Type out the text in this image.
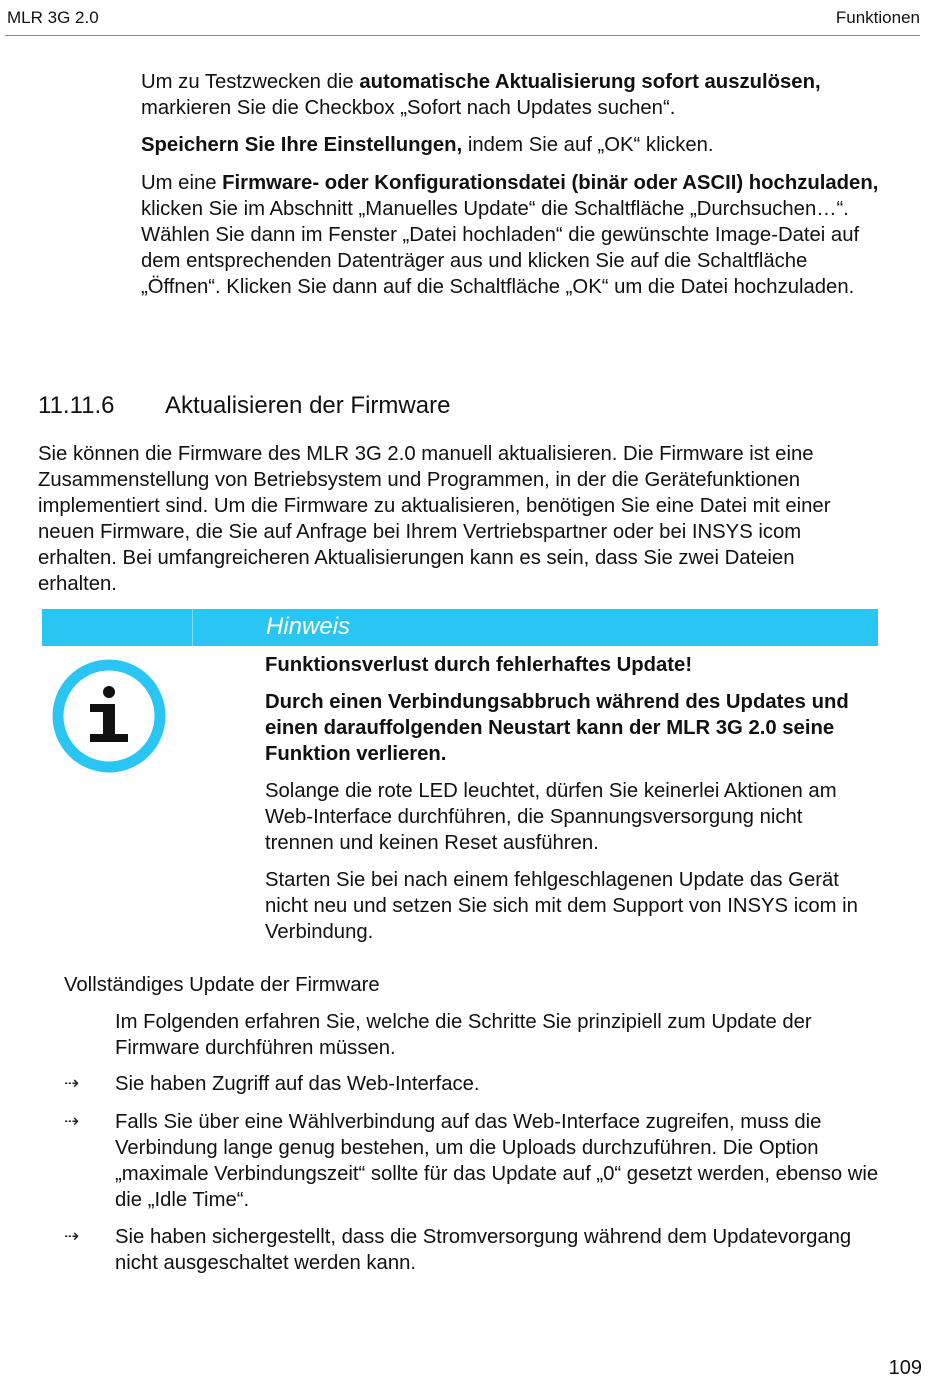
MLR 3G 2.0	Funktionen

Um zu Testzwecken die automatische Aktualisierung sofort auszulösen, markieren Sie die Checkbox „Sofort nach Updates suchen“.

Speichern Sie Ihre Einstellungen, indem Sie auf „OK“ klicken.

Um eine Firmware- oder Konfigurationsdatei (binär oder ASCII) hochzuladen, klicken Sie im Abschnitt „Manuelles Update“ die Schaltfläche „Durchsuchen…“. Wählen Sie dann im Fenster „Datei hochladen“ die gewünschte Image-Datei auf dem entsprechenden Datenträger aus und klicken Sie auf die Schaltfläche „Öffnen“. Klicken Sie dann auf die Schaltfläche „OK“ um die Datei hochzuladen.

11.11.6 Aktualisieren der Firmware

Sie können die Firmware des MLR 3G 2.0 manuell aktualisieren. Die Firmware ist eine Zusammenstellung von Betriebsystem und Programmen, in der die Gerätefunktionen implementiert sind. Um die Firmware zu aktualisieren, benötigen Sie eine Datei mit einer neuen Firmware, die Sie auf Anfrage bei Ihrem Vertriebspartner oder bei INSYS icom erhalten. Bei umfangreicheren Aktualisierungen kann es sein, dass Sie zwei Dateien erhalten.

Hinweis

Funktionsverlust durch fehlerhaftes Update!

Durch einen Verbindungsabbruch während des Updates und einen darauffolgenden Neustart kann der MLR 3G 2.0 seine Funktion verlieren.

Solange die rote LED leuchtet, dürfen Sie keinerlei Aktionen am Web-Interface durchführen, die Spannungsversorgung nicht trennen und keinen Reset ausführen.

Starten Sie bei nach einem fehlgeschlagenen Update das Gerät nicht neu und setzen Sie sich mit dem Support von INSYS icom in Verbindung.

Vollständiges Update der Firmware

Im Folgenden erfahren Sie, welche die Schritte Sie prinzipiell zum Update der Firmware durchführen müssen.

⇢ Sie haben Zugriff auf das Web-Interface.

⇢ Falls Sie über eine Wählverbindung auf das Web-Interface zugreifen, muss die Verbindung lange genug bestehen, um die Uploads durchzuführen. Die Option „maximale Verbindungszeit“ sollte für das Update auf „0“ gesetzt werden, ebenso wie die „Idle Time“.

⇢ Sie haben sichergestellt, dass die Stromversorgung während dem Updatevorgang nicht ausgeschaltet werden kann.

109
